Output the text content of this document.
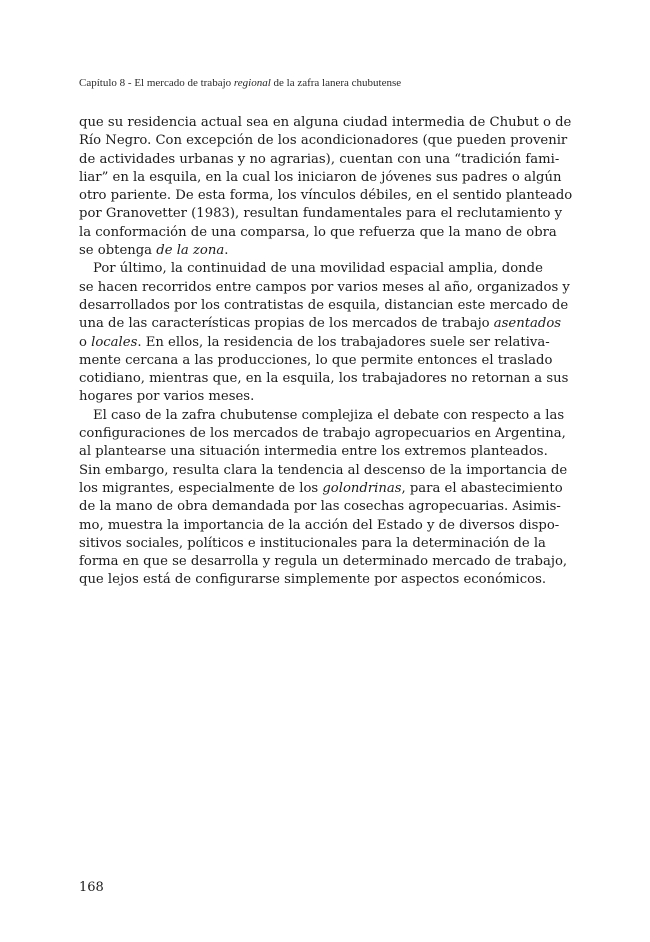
Capítulo 8 - El mercado de trabajo regional de la zafra lanera chubutense
que su residencia actual sea en alguna ciudad intermedia de Chubut o de
Río Negro. Con excepción de los acondicionadores (que pueden provenir
de actividades urbanas y no agrarias), cuentan con una “tradición fami-
liar” en la esquila, en la cual los iniciaron de jóvenes sus padres o algún
otro pariente. De esta forma, los vínculos débiles, en el sentido planteado
por Granovetter (1983), resultan fundamentales para el reclutamiento y
la conformación de una comparsa, lo que refuerza que la mano de obra
se obtenga de la zona.
Por último, la continuidad de una movilidad espacial amplia, donde
se hacen recorridos entre campos por varios meses al año, organizados y
desarrollados por los contratistas de esquila, distancian este mercado de
una de las características propias de los mercados de trabajo asentados
o locales. En ellos, la residencia de los trabajadores suele ser relativa-
mente cercana a las producciones, lo que permite entonces el traslado
cotidiano, mientras que, en la esquila, los trabajadores no retornan a sus
hogares por varios meses.
El caso de la zafra chubutense complejiza el debate con respecto a las
configuraciones de los mercados de trabajo agropecuarios en Argentina,
al plantearse una situación intermedia entre los extremos planteados.
Sin embargo, resulta clara la tendencia al descenso de la importancia de
los migrantes, especialmente de los golondrinas, para el abastecimiento
de la mano de obra demandada por las cosechas agropecuarias. Asimis-
mo, muestra la importancia de la acción del Estado y de diversos dispo-
sitivos sociales, políticos e institucionales para la determinación de la
forma en que se desarrolla y regula un determinado mercado de trabajo,
que lejos está de configurarse simplemente por aspectos económicos.
168
